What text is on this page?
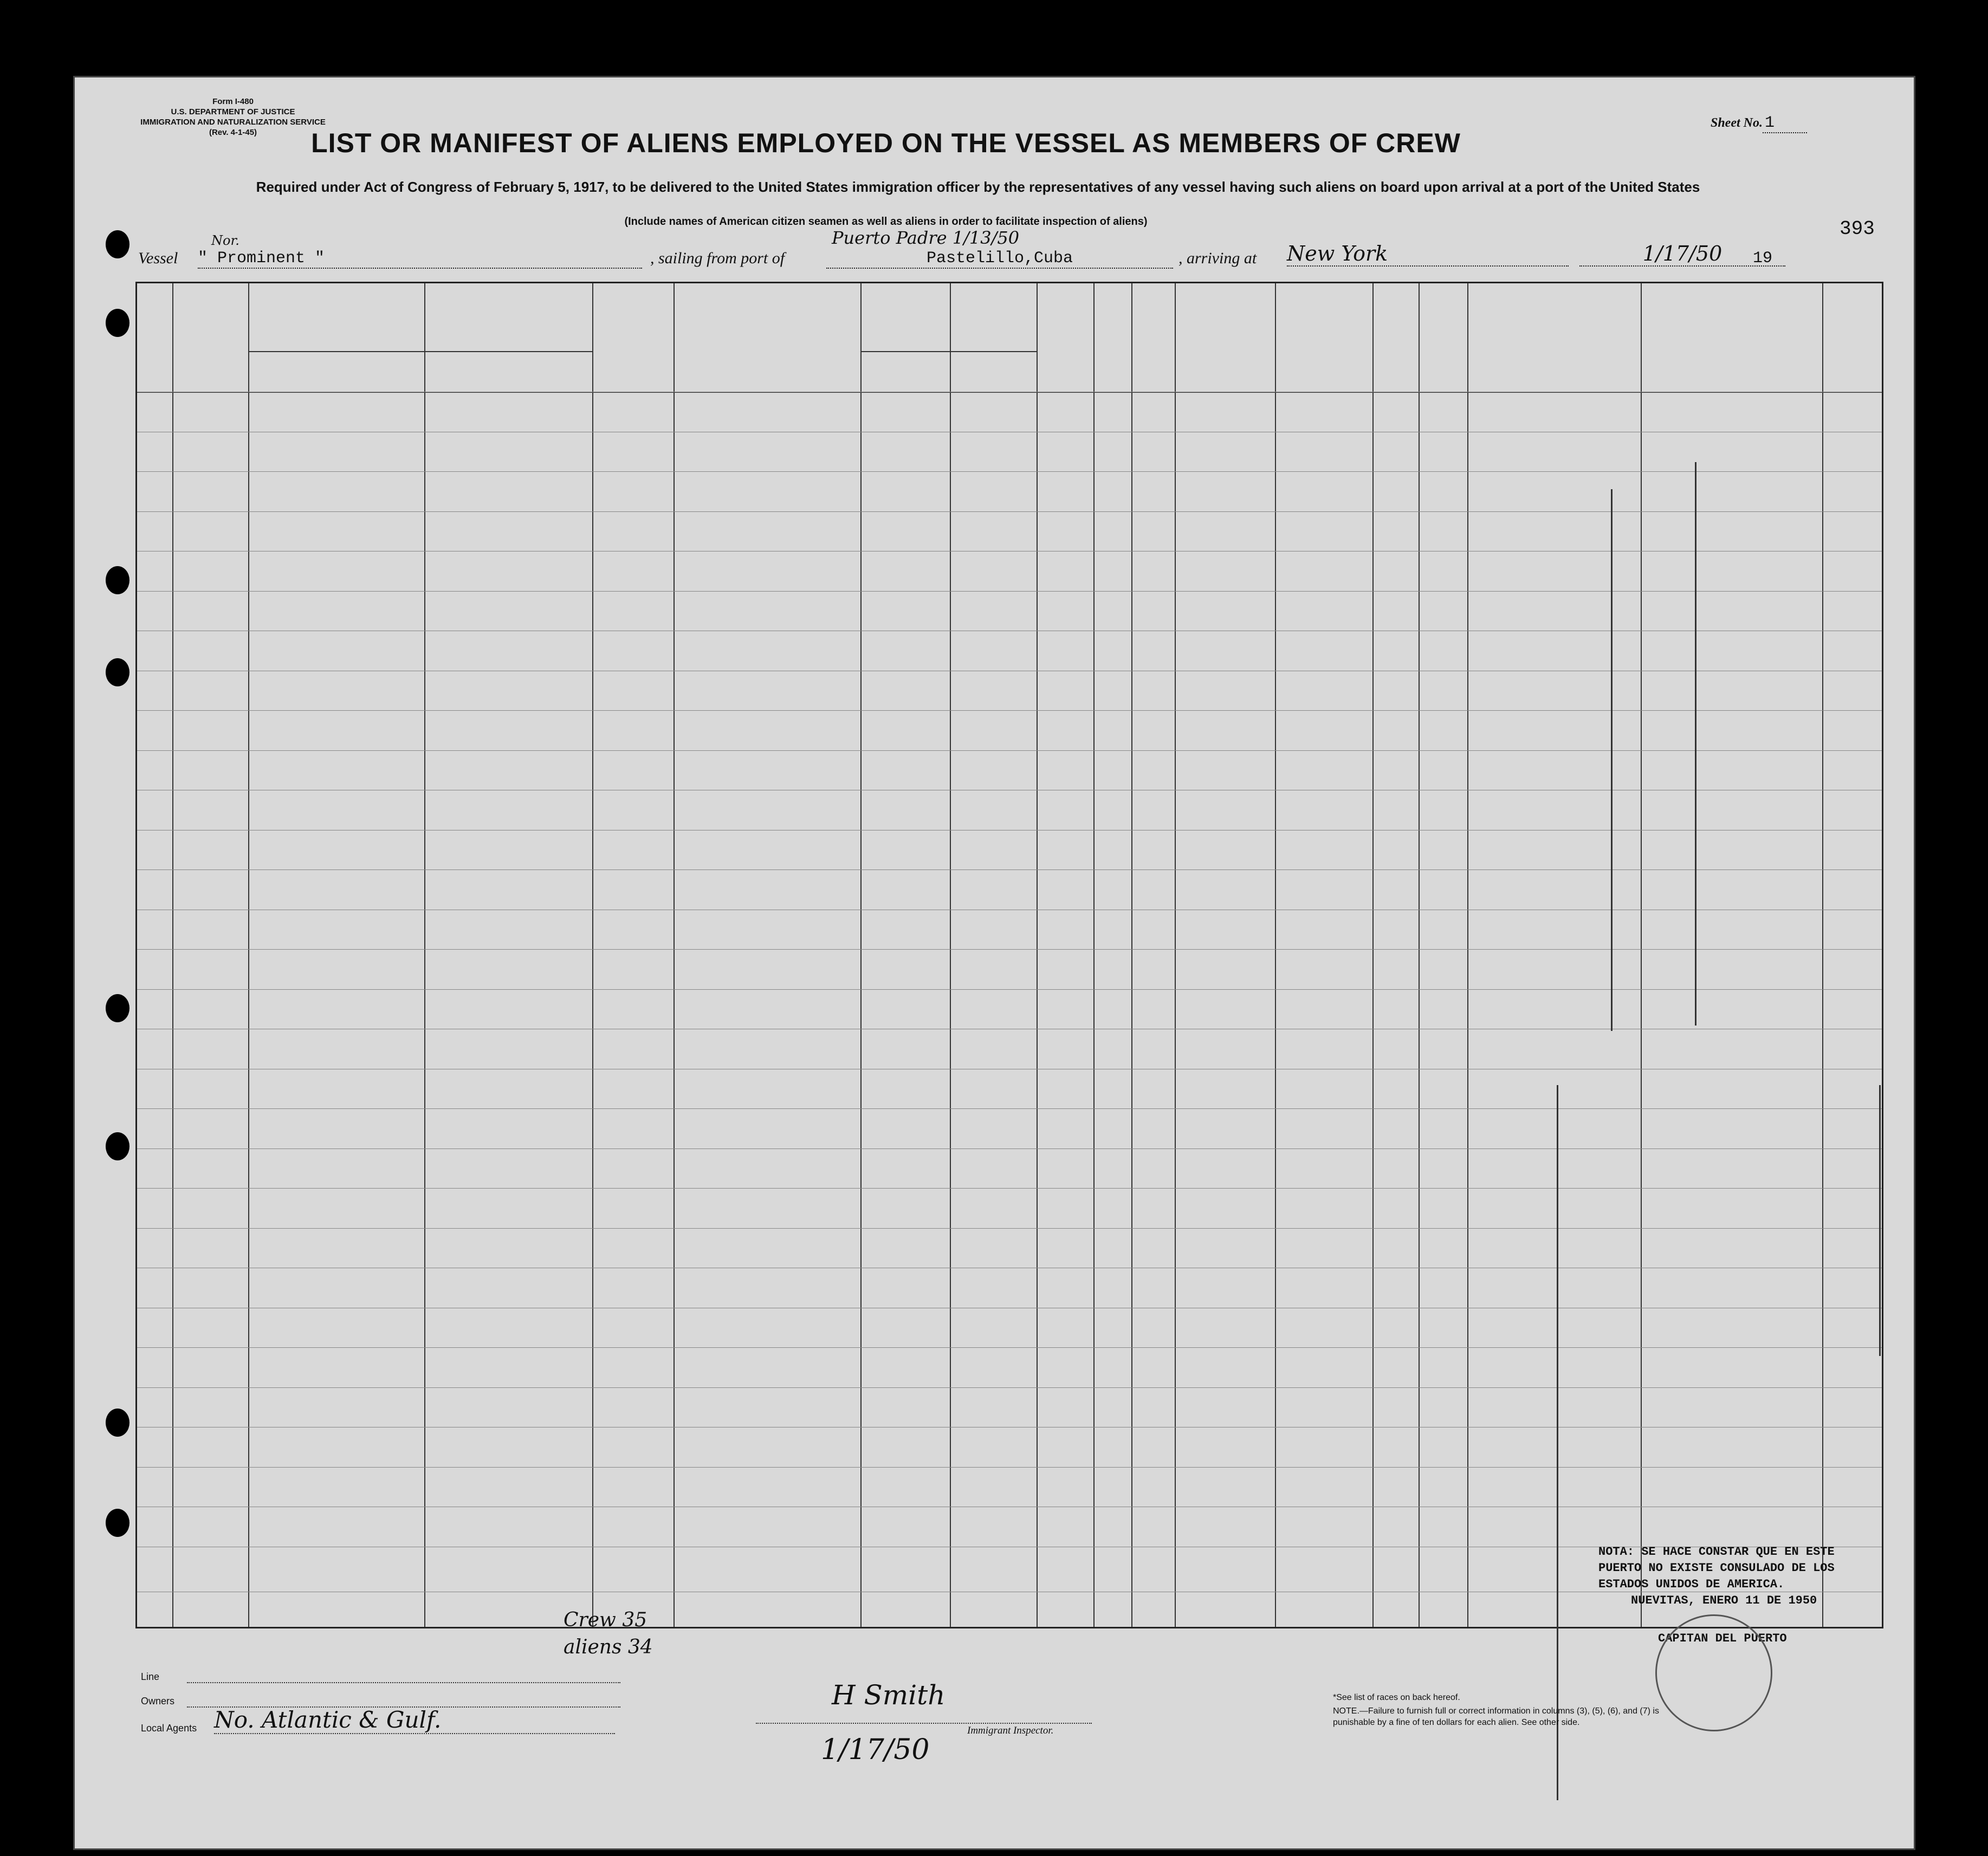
Form I-480
U.S. DEPARTMENT OF JUSTICE
IMMIGRATION AND NATURALIZATION SERVICE
(Rev. 4-1-45)
Sheet No. 1
LIST OR MANIFEST OF ALIENS EMPLOYED ON THE VESSEL AS MEMBERS OF CREW
Required under Act of Congress of February 5, 1917, to be delivered to the United States immigration officer by the representatives of any vessel having such aliens on board upon arrival at a port of the United States
(Include names of American citizen seamen as well as aliens in order to facilitate inspection of aliens)	393
Vessel
Nor.
" Prominent "	, sailing from port of
Puerto Padre 1/13/50
Pastelillo,Cuba	, arriving at New York	1/17/50	19
NOTA: SE HACE CONSTAR QUE EN ESTE
PUERTO NO EXISTE CONSULADO DE LOS
ESTADOS UNIDOS DE AMERICA.
NUEVITAS, ENERO 11 DE 1950
CAPITAN DEL PUERTO
Crew 35
aliens 34
Line
Owners
Local Agents No. Atlantic & Gulf.
H Smith
Immigrant Inspector.
1/17/50
*See list of races on back hereof.
NOTE.—Failure to furnish full or correct information in columns (3), (5), (6), and (7) is punishable by a fine of ten dollars for each alien. See other side.
